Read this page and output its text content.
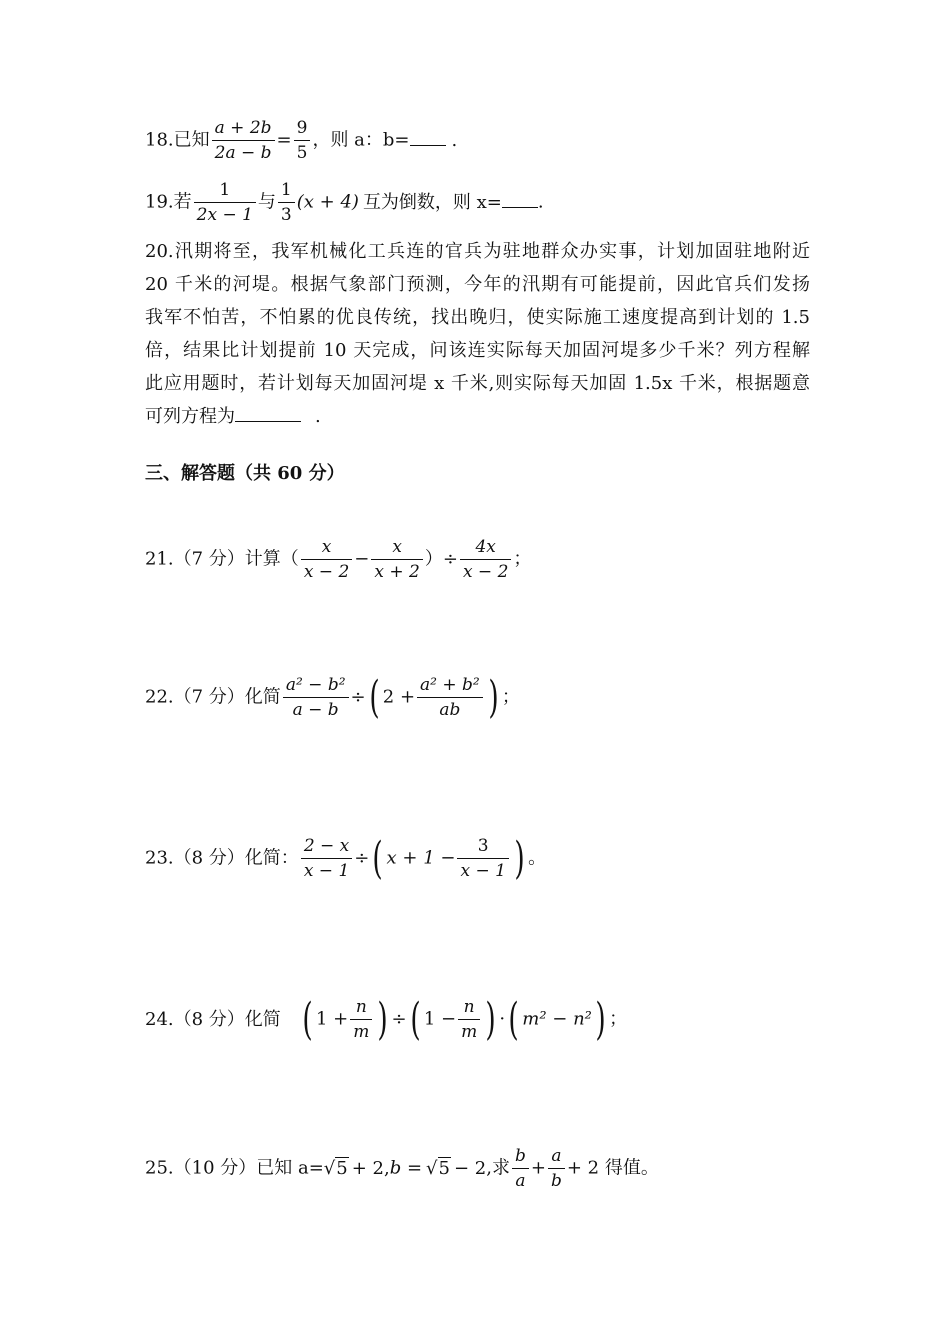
18.已知 $\frac{a + 2b}{2a - b} = \frac{9}{5}$ ，则 a：b= .
19.若 $\frac{1}{2x - 1}$ 与 $\frac{1}{3} (x + 4)$ 互为倒数，则 x= .
20.汛期将至，我军机械化工兵连的官兵为驻地群众办实事，计划加固驻地附近
20 千米的河堤。根据气象部门预测，今年的汛期有可能提前，因此官兵们发扬
我军不怕苦，不怕累的优良传统，找出晚归，使实际施工速度提高到计划的 1.5
倍，结果比计划提前 10 天完成，问该连实际每天加固河堤多少千米？列方程解
此应用题时，若计划每天加固河堤 x 千米,则实际每天加固 1.5x 千米，根据题意
可列方程为	.
三、解答题（共 60 分）
21.（7 分）计算（ $\frac{x}{x - 2} - \frac{x}{x + 2}$ ）÷ $\frac{4x}{x - 2}$ ；
22.（7 分）化简 $\frac{\text{a² − b²}}{a - b}$ ÷( $2 + \frac{\text{a² + b²}}{ab}$ ) ；
23.（8 分）化简： $\frac{2 - x}{x - 1}$ ÷( $x + 1 - \frac{3}{x - 1}$ ) 。
24.（8 分）化简 ( $1 + \frac{n}{m}$ ) ÷( $1 - \frac{n}{m}$ ) ·( m² − n²) ；
25.（10 分）已知 a=√5 + 2,b = √5 − 2,求 $\frac{b}{a} + \frac{a}{b} + 2$ 得值。
